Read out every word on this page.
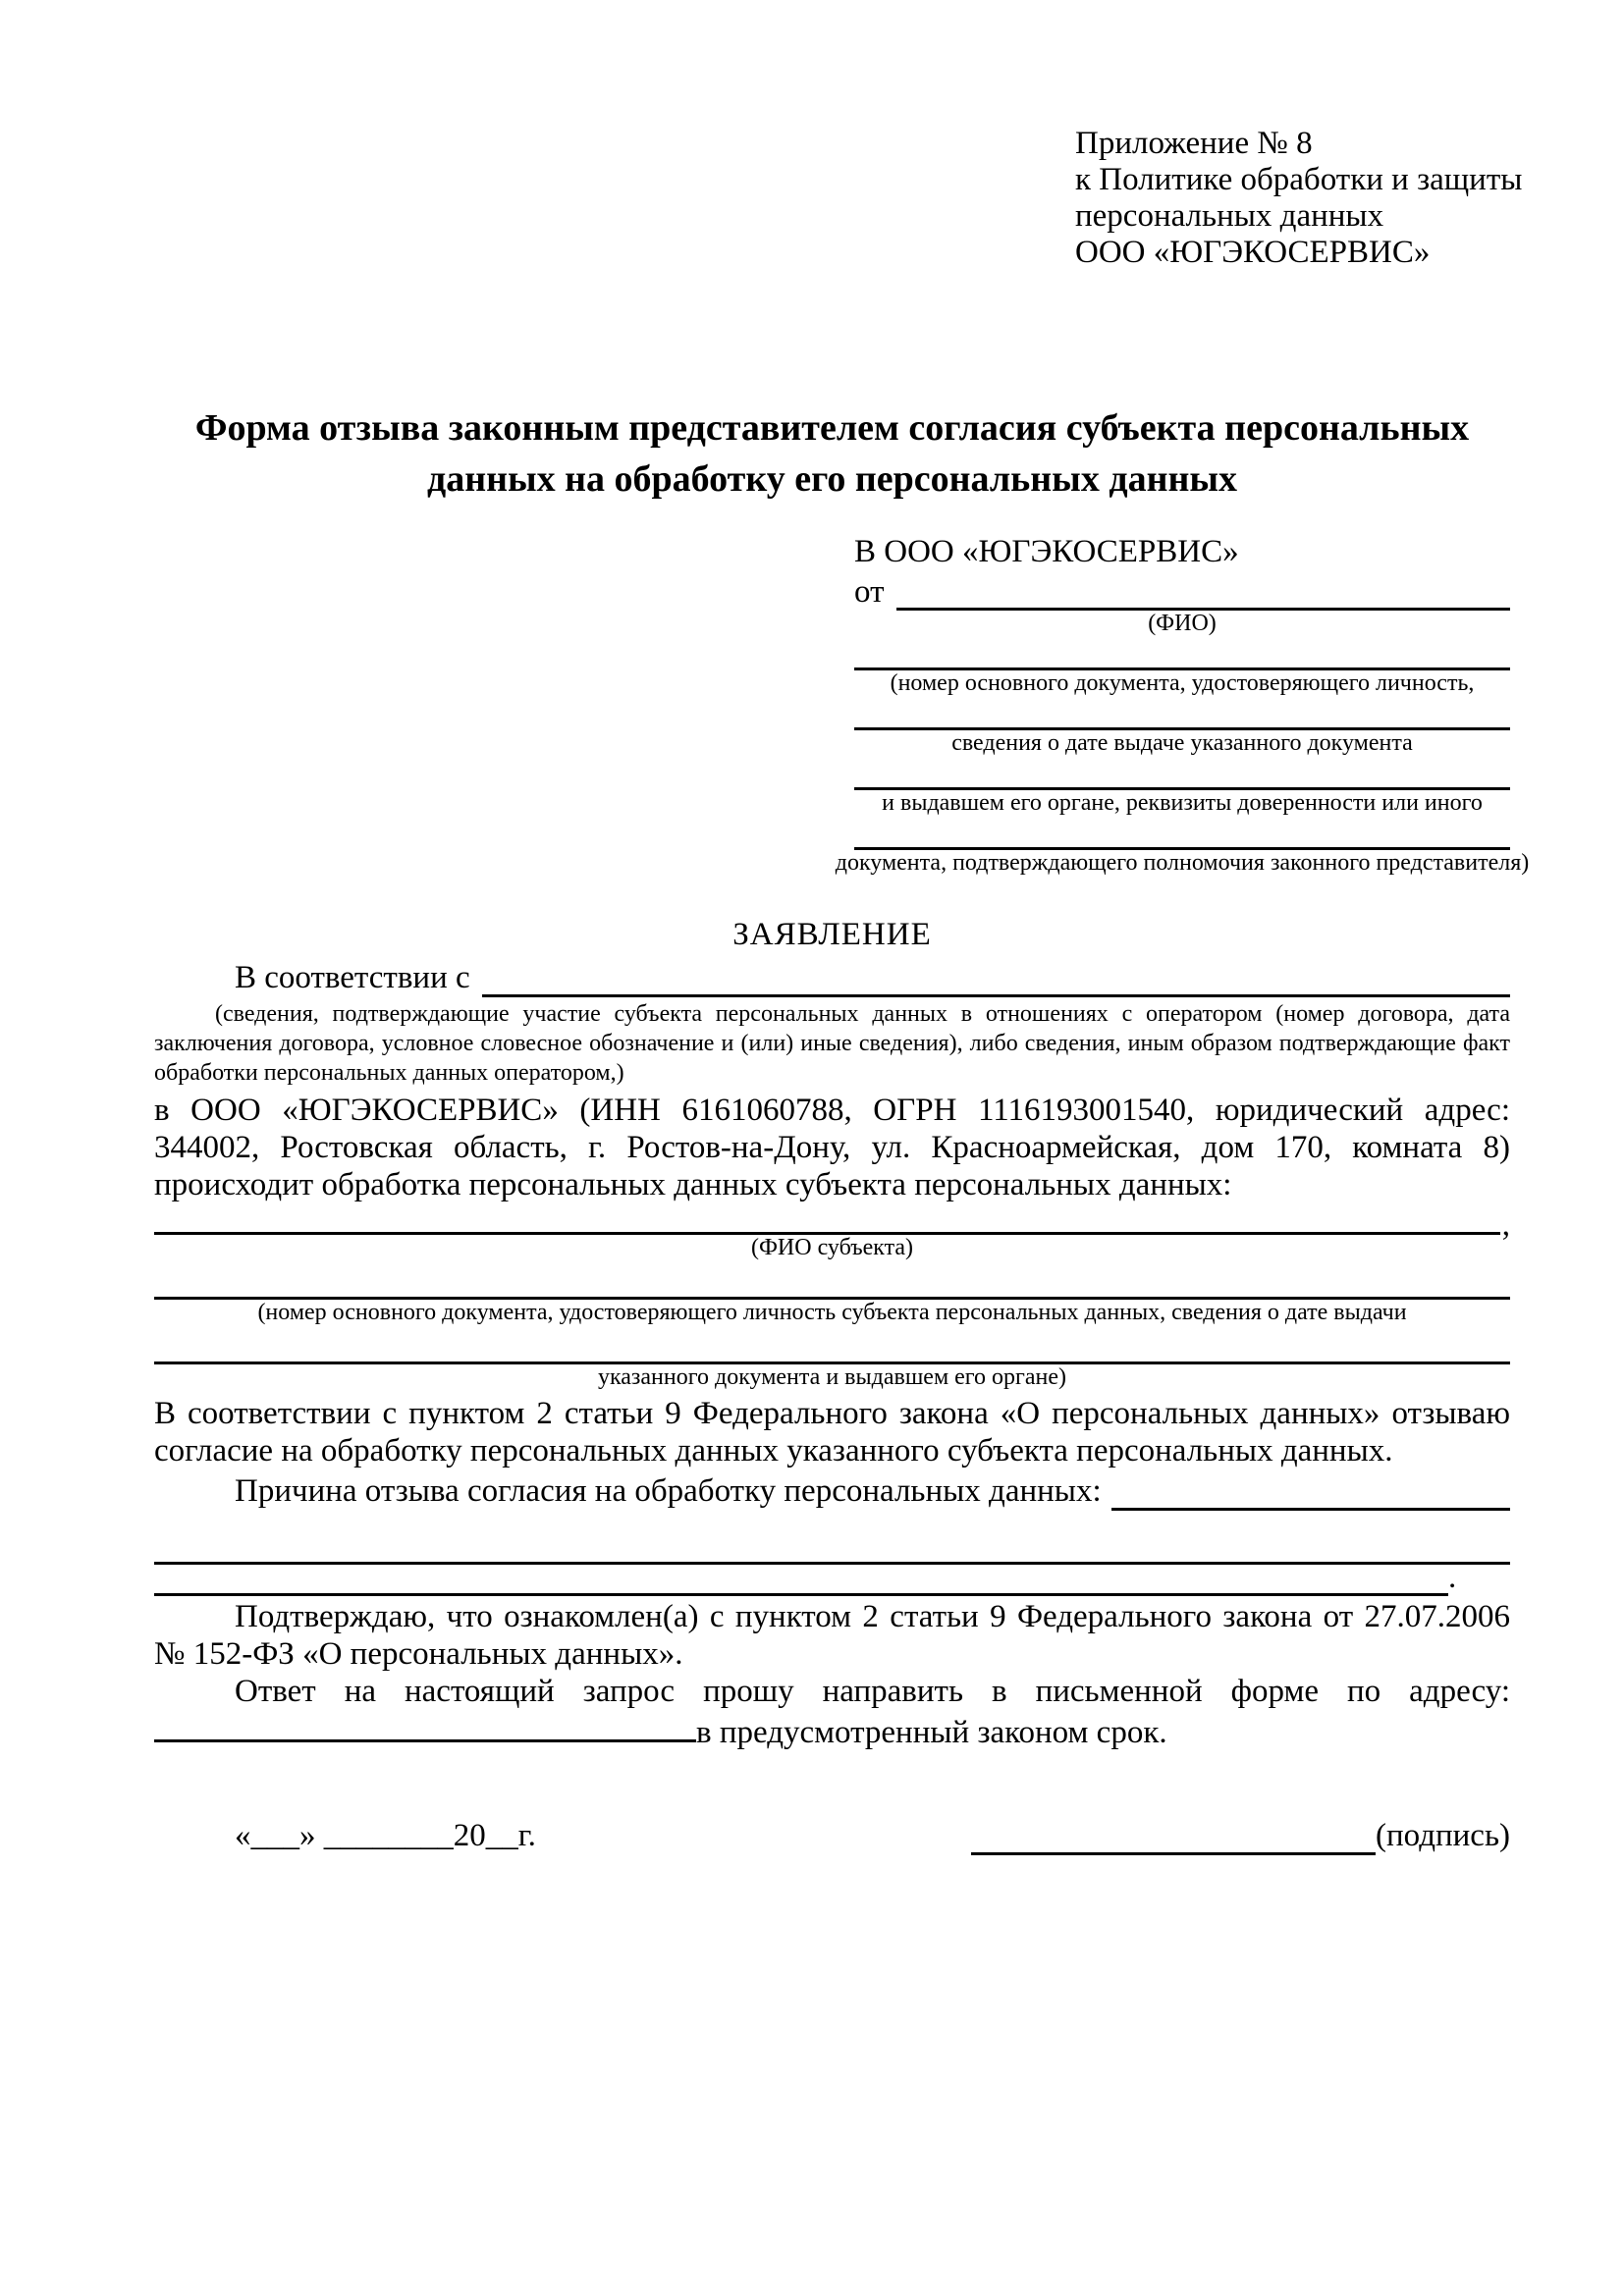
Приложение № 8
к Политике обработки и защиты
персональных данных
ООО «ЮГЭКОСЕРВИС»
Форма отзыва законным представителем согласия субъекта персональных данных на обработку его персональных данных
В ООО «ЮГЭКОСЕРВИС»
от
(ФИО)
(номер основного документа, удостоверяющего личность,
сведения о дате выдаче указанного документа
и выдавшем его органе, реквизиты доверенности или иного
документа, подтверждающего полномочия законного представителя)
ЗАЯВЛЕНИЕ
В соответствии с

(сведения, подтверждающие участие субъекта персональных данных в отношениях с оператором (номер договора, дата заключения договора, условное словесное обозначение и (или) иные сведения), либо сведения, иным образом подтверждающие факт обработки персональных данных оператором,)

в ООО «ЮГЭКОСЕРВИС» (ИНН 6161060788, ОГРН 1116193001540, юридический адрес: 344002, Ростовская область, г. Ростов-на-Дону, ул. Красноармейская, дом 170, комната 8) происходит обработка персональных данных субъекта персональных данных:

,
(ФИО субъекта)
(номер основного документа, удостоверяющего личность субъекта персональных данных, сведения о дате выдачи
указанного документа и выдавшем его органе)

В соответствии с пунктом 2 статьи 9 Федерального закона «О персональных данных» отзываю согласие на обработку персональных данных указанного субъекта персональных данных.

Причина отзыва согласия на обработку персональных данных:
.

Подтверждаю, что ознакомлен(а) с пунктом 2 статьи 9 Федерального закона от 27.07.2006 № 152-ФЗ «О персональных данных».

Ответ на настоящий запрос прошу направить в письменной форме по адресу: в предусмотренный законом срок.

«___» ________20__г.	(подпись)
